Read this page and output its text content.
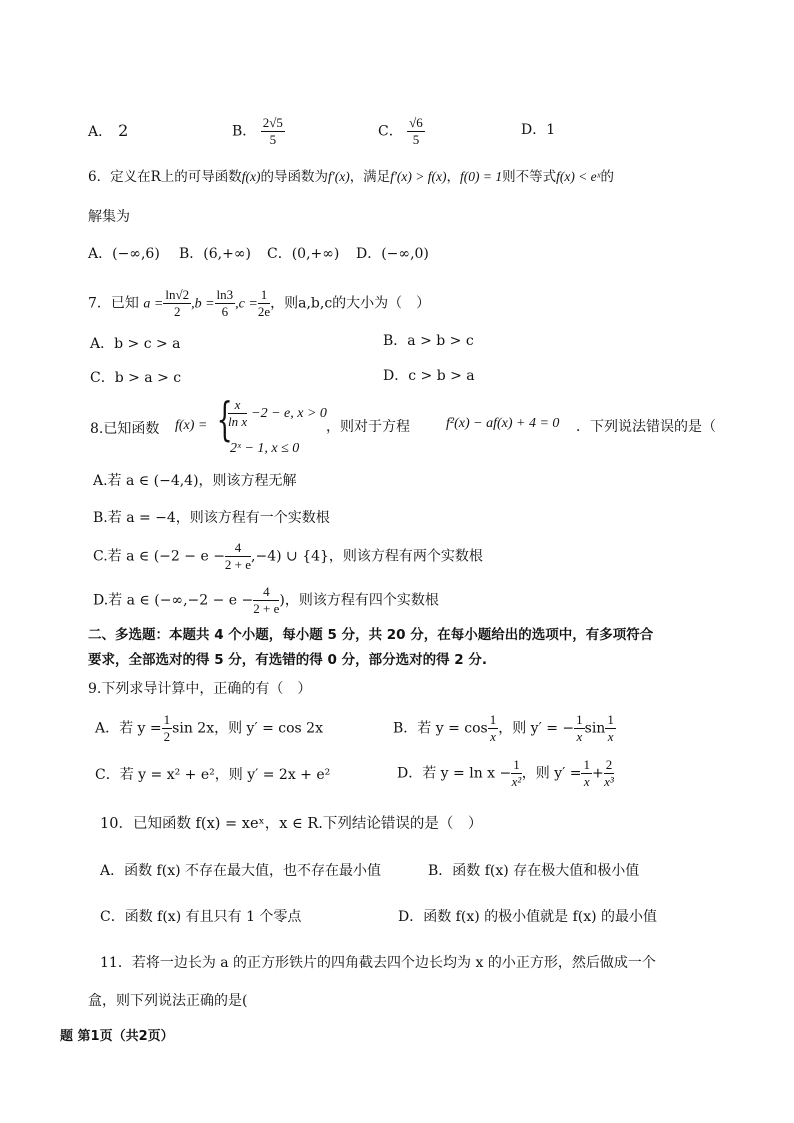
A． 2	B． $\frac{2√5}{5}$	C． $\frac{√6}{5}$	D．1
6．定义在R上的可导函数f(x)的导函数为f′(x)，满足f′(x) > f(x)，f(0) = 1则不等式f(x) < eˣ的
解集为
A．(−∞,6) B．(6,+∞) C．(0,+∞) D．(−∞,0)
7．已知 $a = \frac{\ln√2}{2} ,b = \frac{\ln 3}{6} ,c = \frac{1}{2e}$ ，则a,b,c的大小为（　）
A．b > c > a	B．a > b > c
C．b > a > c	D．c > b > a
8.已知函数 f(x) = {
$\frac{x}{\text{ln x}} -2 - e$, x > 0
2ˣ − 1, x ≤ 0
，则对于方程	f²(x) − af(x) + 4 = 0 ．下列说法错误的是（
A.若 a ∈ (−4,4)，则该方程无解
B.若 a = −4，则该方程有一个实数根
C.若 a ∈ $(-2 - e - \frac{4}{2 + e} ,-4)$ ∪ {4}，则该方程有两个实数根
D.若 a ∈ ($-\infty,-2 - e - \frac{4}{2 + e}$ )，则该方程有四个实数根
二、多选题：本题共 4 个小题，每小题 5 分，共 20 分，在每小题给出的选项中，有多项符合
要求，全部选对的得 5 分，有选错的得 0 分，部分选对的得 2 分.
9.下列求导计算中，正确的有（　）
A．若 $y = \frac{1}{2}$ sin 2x，则 y′ = cos 2x	B．若 $y = \cos \frac{1}{x}$ ，则 y′ = − $\frac{1}{x}$ $\sin \frac{1}{x}$
C．若 y = x² + e²，则 y′ = 2x + e²	D．若 $y = \ln x - \frac{1}{\text{x²}}$ ，则 $y' = \frac{1}{x} + \frac{2}{\text{x³}}$
10．已知函数 f(x) = xeˣ，x ∈ R.下列结论错误的是（　）
A．函数 f(x) 不存在最大值，也不存在最小值	B．函数 f(x) 存在极大值和极小值
C．函数 f(x) 有且只有 1 个零点	D．函数 f(x) 的极小值就是 f(x) 的最小值
11．若将一边长为 a 的正方形铁片的四角截去四个边长均为 x 的小正方形，然后做成一个
盒，则下列说法正确的是(
题 第1页（共2页）
